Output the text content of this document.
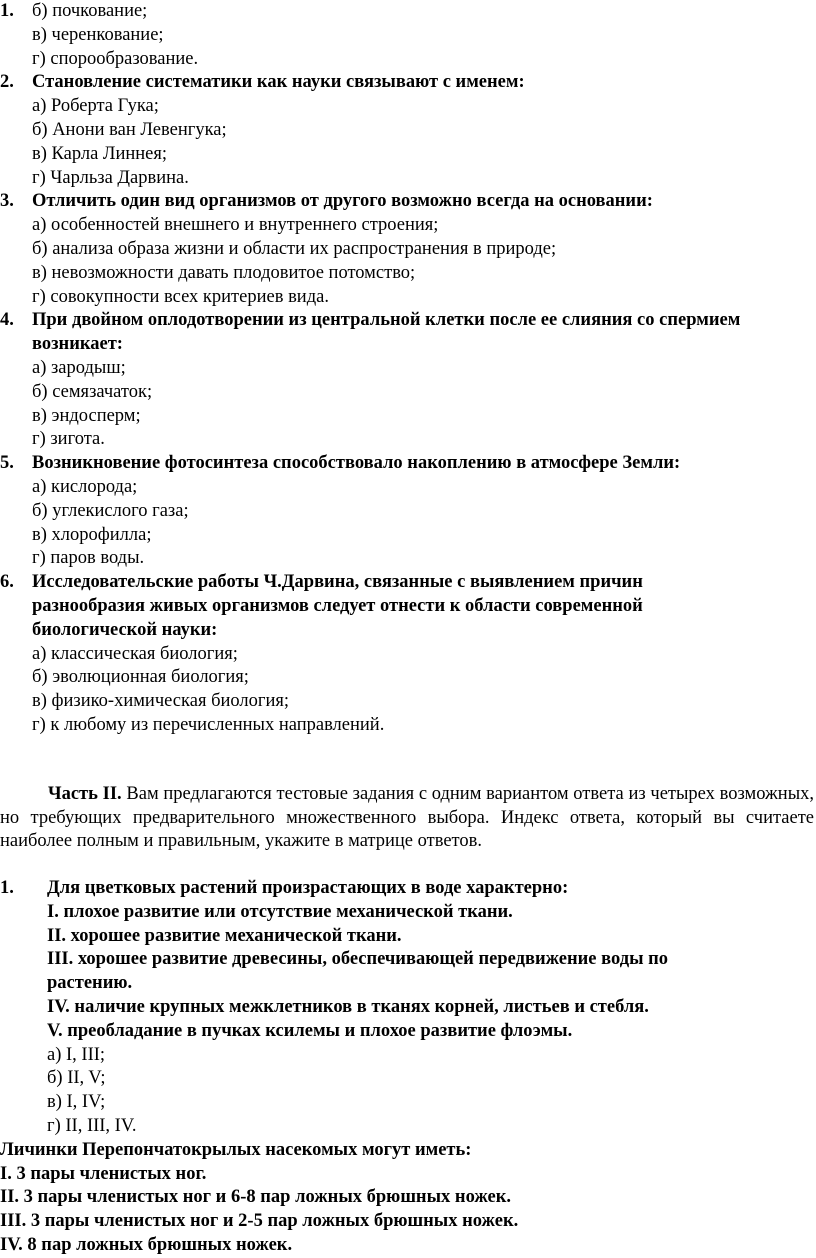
1. б) почкование;
в) черенкование;
г) спорообразование.
2. Становление систематики как науки связывают с именем:
а) Роберта Гука;
б) Анони ван Левенгука;
в) Карла Линнея;
г) Чарльза Дарвина.
3. Отличить один вид организмов от другого возможно всегда на основании:
а) особенностей внешнего и внутреннего строения;
б) анализа образа жизни и области их распространения в природе;
в) невозможности давать плодовитое потомство;
г) совокупности всех критериев вида.
4. При двойном оплодотворении из центральной клетки после ее слияния со спермием
возникает:
а) зародыш;
б) семязачаток;
в) эндосперм;
г) зигота.
5. Возникновение фотосинтеза способствовало накоплению в атмосфере Земли:
а) кислорода;
б) углекислого газа;
в) хлорофилла;
г) паров воды.
6. Исследовательские работы Ч.Дарвина, связанные с выявлением причин
разнообразия живых организмов следует отнести к области современной
биологической науки:
а) классическая биология;
б) эволюционная биология;
в) физико-химическая биология;
г) к любому из перечисленных направлений.
Часть II. Вам предлагаются тестовые задания с одним вариантом ответа из четырех возможных, но требующих предварительного множественного выбора. Индекс ответа, который вы считаете наиболее полным и правильным, укажите в матрице ответов.
1. Для цветковых растений произрастающих в воде характерно:
I. плохое развитие или отсутствие механической ткани.
II. хорошее развитие механической ткани.
III. хорошее развитие древесины, обеспечивающей передвижение воды по
растению.
IV. наличие крупных межклетников в тканях корней, листьев и стебля.
V. преобладание в пучках ксилемы и плохое развитие флоэмы.
а) I, III;
б) II, V;
в) I, IV;
г) II, III, IV.
Личинки Перепончатокрылых насекомых могут иметь:
I. 3 пары членистых ног.
II. 3 пары членистых ног и 6-8 пар ложных брюшных ножек.
III. 3 пары членистых ног и 2-5 пар ложных брюшных ножек.
IV. 8 пар ложных брюшных ножек.
